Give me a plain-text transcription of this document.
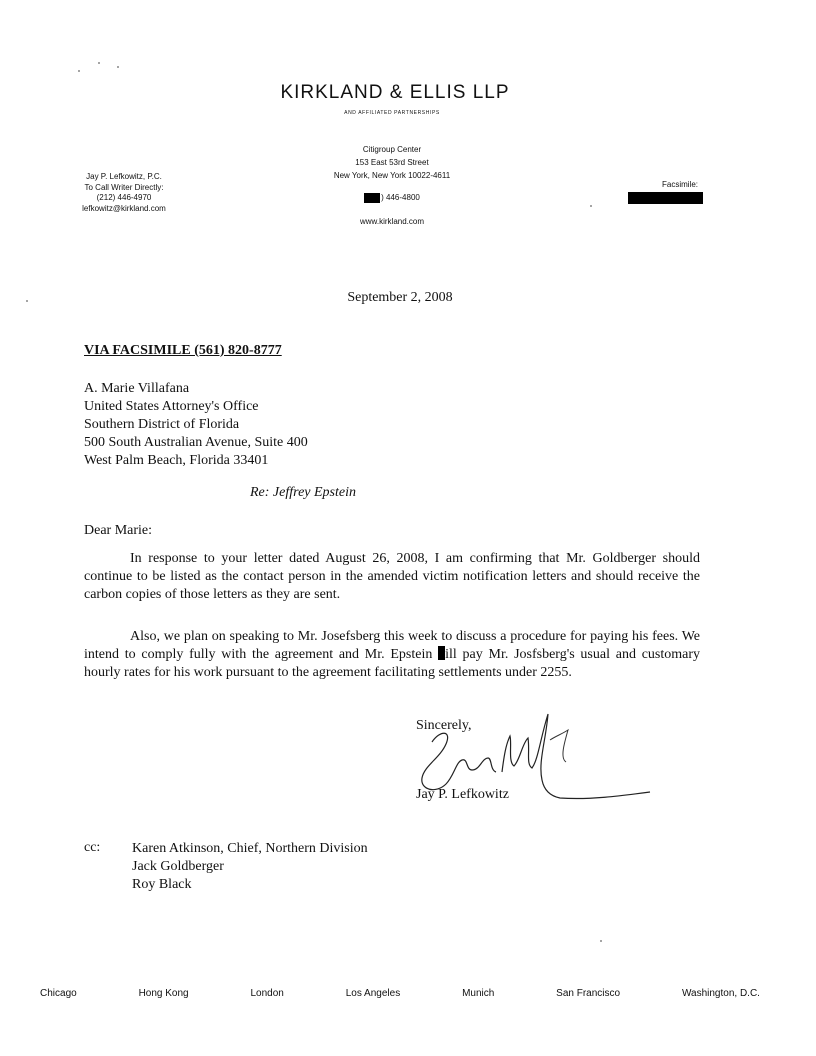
KIRKLAND & ELLIS LLP
AND AFFILIATED PARTNERSHIPS
Citigroup Center
153 East 53rd Street
New York, New York 10022-4611
) 446-4800
www.kirkland.com
Jay P. Lefkowitz, P.C.
To Call Writer Directly:
(212) 446-4970
lefkowitz@kirkland.com
Facsimile:
September 2, 2008
VIA FACSIMILE (561) 820-8777
A. Marie Villafana
United States Attorney's Office
Southern District of Florida
500 South Australian Avenue, Suite 400
West Palm Beach, Florida 33401
Re: Jeffrey Epstein
Dear Marie:
In response to your letter dated August 26, 2008, I am confirming that Mr. Goldberger should continue to be listed as the contact person in the amended victim notification letters and should receive the carbon copies of those letters as they are sent.
Also, we plan on speaking to Mr. Josefsberg this week to discuss a procedure for paying his fees. We intend to comply fully with the agreement and Mr. Epstein ill pay Mr. Josfsberg's usual and customary hourly rates for his work pursuant to the agreement facilitating settlements under 2255.
Sincerely,
Jay P. Lefkowitz
cc: Karen Atkinson, Chief, Northern Division
Jack Goldberger
Roy Black
Chicago	Hong Kong	London	Los Angeles	Munich	San Francisco	Washington, D.C.
